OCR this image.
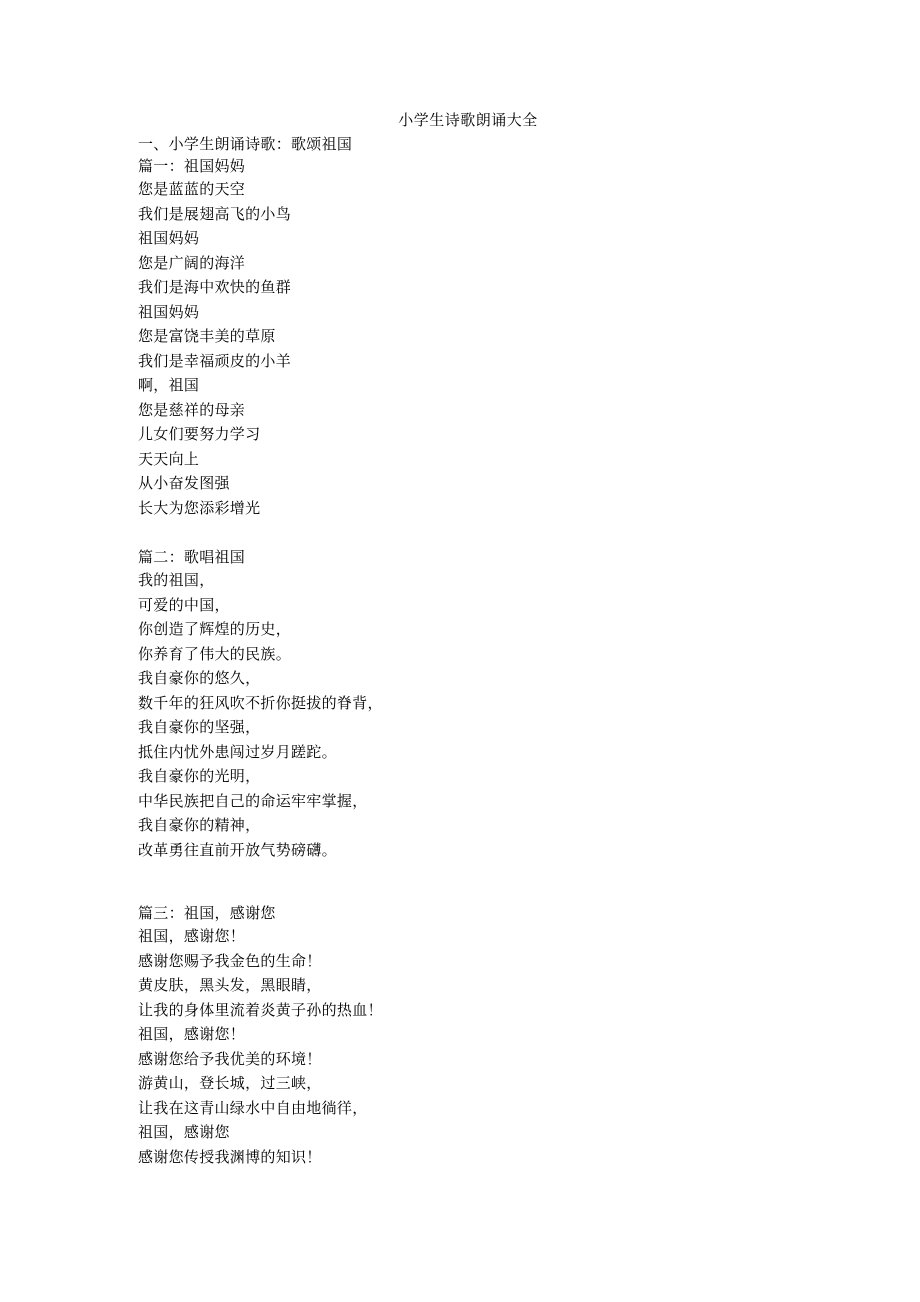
小学生诗歌朗诵大全
一、小学生朗诵诗歌：歌颂祖国
篇一：祖国妈妈
您是蓝蓝的天空
我们是展翅高飞的小鸟
祖国妈妈
您是广阔的海洋
我们是海中欢快的鱼群
祖国妈妈
您是富饶丰美的草原
我们是幸福顽皮的小羊
啊，祖国
您是慈祥的母亲
儿女们要努力学习
天天向上
从小奋发图强
长大为您添彩增光
篇二：歌唱祖国
我的祖国，
可爱的中国，
你创造了辉煌的历史，
你养育了伟大的民族。
我自豪你的悠久，
数千年的狂风吹不折你挺拔的脊背，
我自豪你的坚强，
抵住内忧外患闯过岁月蹉跎。
我自豪你的光明，
中华民族把自己的命运牢牢掌握，
我自豪你的精神，
改革勇往直前开放气势磅礴。
篇三：祖国，感谢您
祖国，感谢您！
感谢您赐予我金色的生命！
黄皮肤，黑头发，黑眼睛，
让我的身体里流着炎黄子孙的热血！
祖国，感谢您！
感谢您给予我优美的环境！
游黄山，登长城，过三峡，
让我在这青山绿水中自由地徜徉，
祖国，感谢您
感谢您传授我渊博的知识！
